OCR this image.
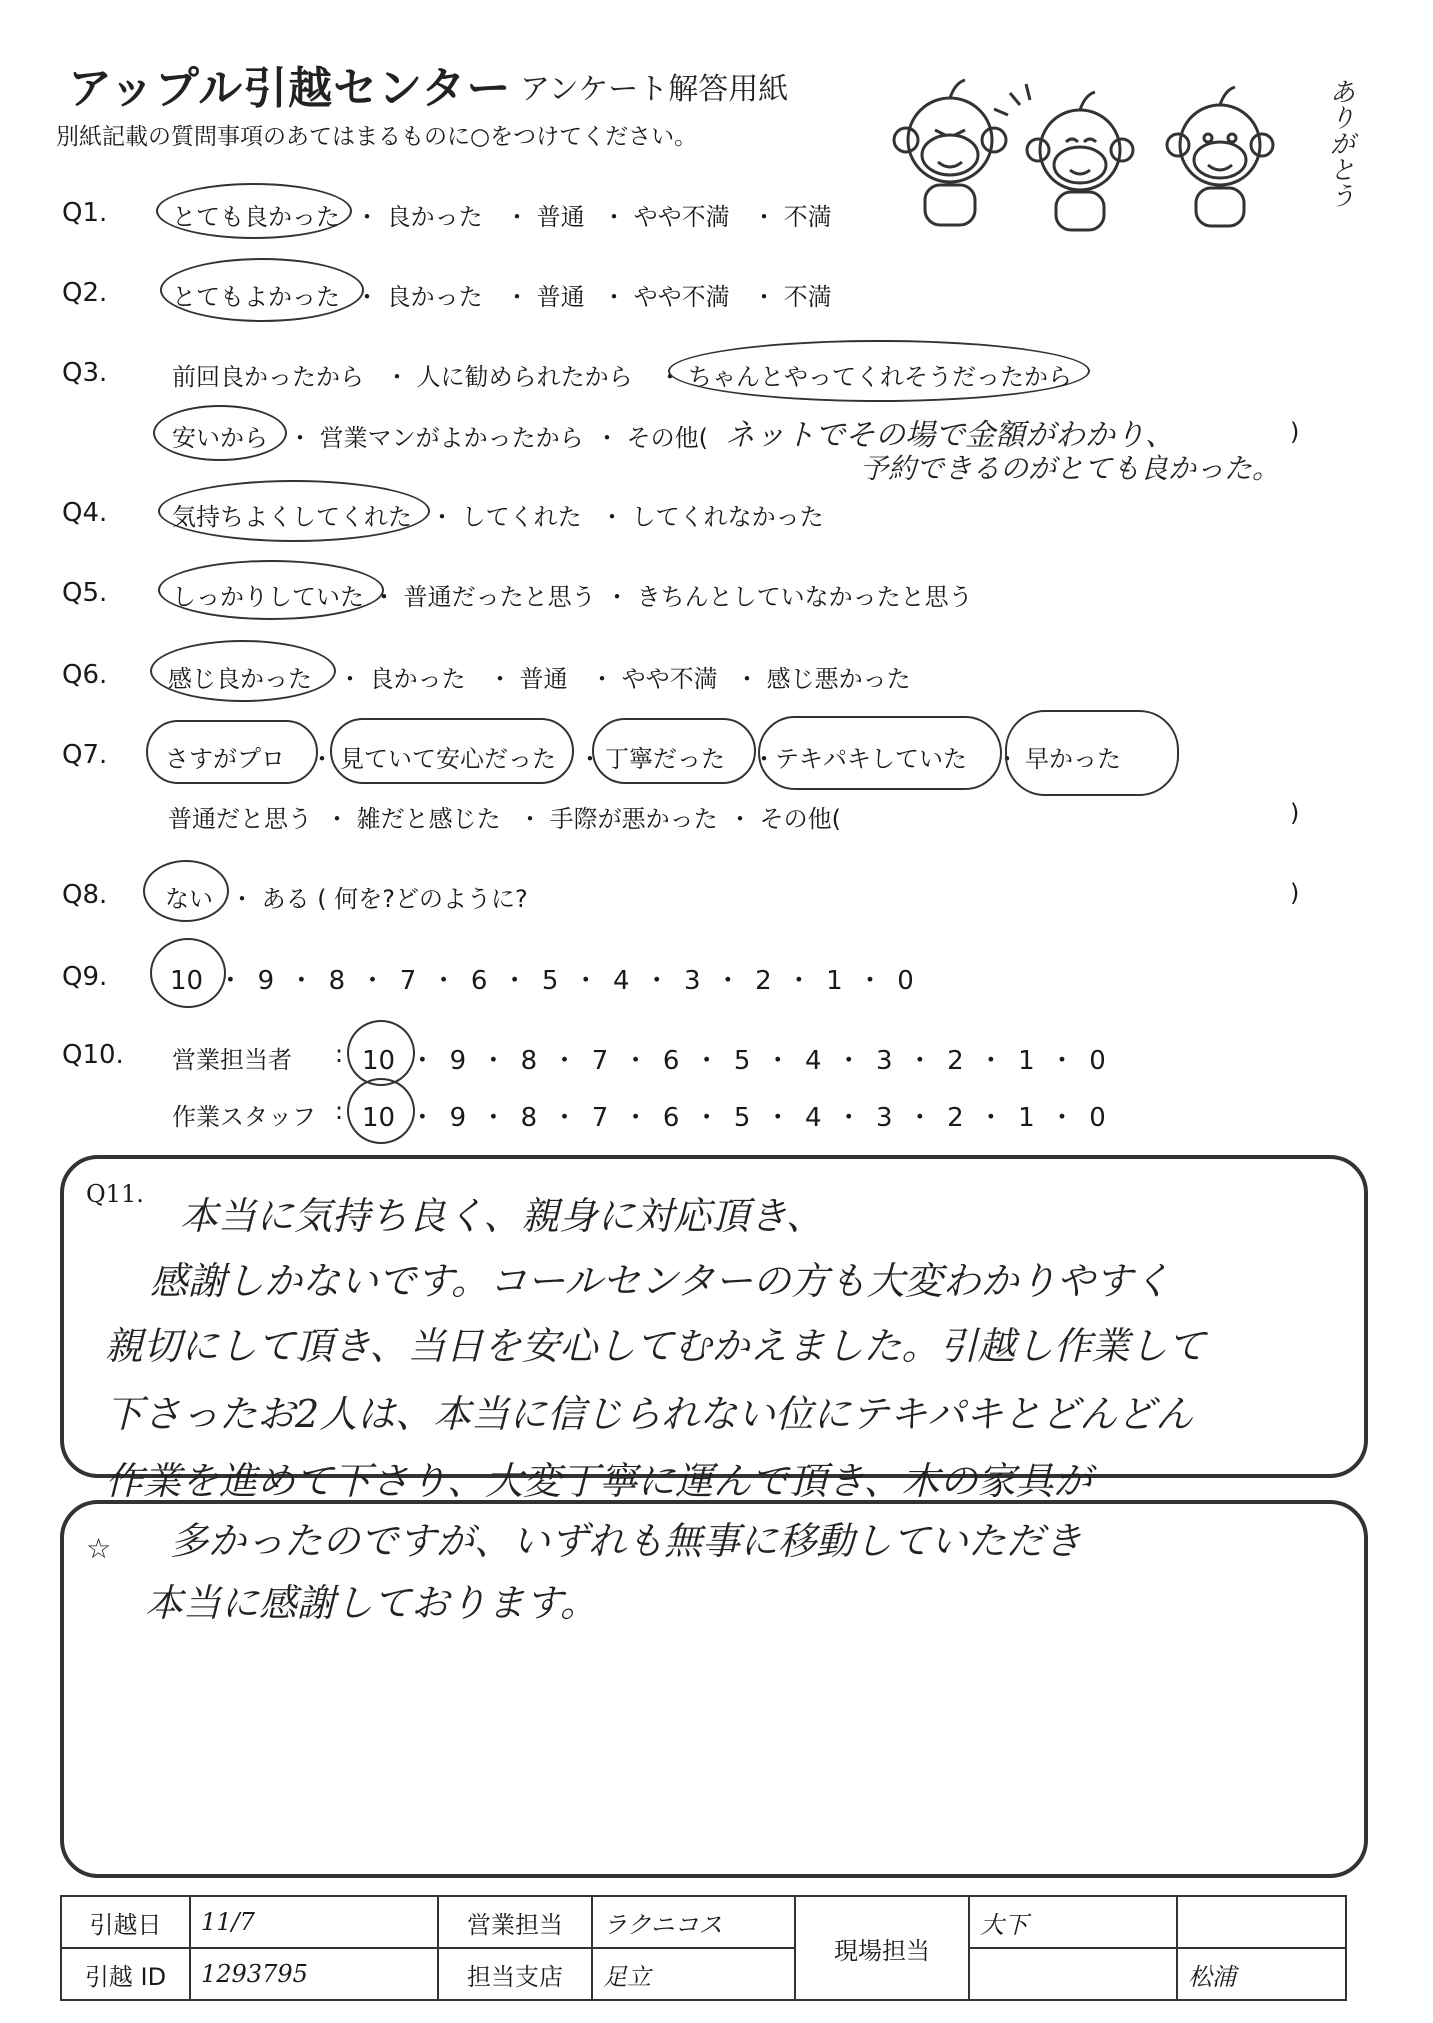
アップル引越センター アンケート解答用紙
別紙記載の質問事項のあてはまるものに○をつけてください。	ありがとう
Q1.	とても良かった ・ 良かった ・ 普通 ・ やや不満 ・ 不満
Q2.	とてもよかった ・ 良かった ・ 普通 ・ やや不満 ・ 不満
Q3.	前回良かったから ・ 人に勧められたから ・ ちゃんとやってくれそうだったから
安いから ・ 営業マンがよかったから ・ その他( ネットでその場で金額がわかり、	)
予約できるのがとても良かった。
Q4.	気持ちよくしてくれた ・ してくれた ・ してくれなかった
Q5.	しっかりしていた ・ 普通だったと思う ・ きちんとしていなかったと思う
Q6.	感じ良かった ・ 良かった ・ 普通 ・ やや不満 ・ 感じ悪かった
Q7. さすがプロ ・ 見ていて安心だった ・ 丁寧だった ・ テキパキしていた ・ 早かった
普通だと思う ・ 雑だと感じた ・ 手際が悪かった ・ その他(	)
Q8. ない ・ ある ( 何を?どのように?	)
Q9. 10 ・ 9 ・ 8 ・ 7 ・ 6 ・ 5 ・ 4 ・ 3 ・ 2 ・ 1 ・ 0
Q10. 営業担当者 : 10 ・ 9 ・ 8 ・ 7 ・ 6 ・ 5 ・ 4 ・ 3 ・ 2 ・ 1 ・ 0
作業スタッフ : 10 ・ 9 ・ 8 ・ 7 ・ 6 ・ 5 ・ 4 ・ 3 ・ 2 ・ 1 ・ 0
Q11. 本当に気持ち良く、親身に対応頂き、
感謝しかないです。コールセンターの方も大変わかりやすく
親切にして頂き、当日を安心してむかえました。引越し作業して
下さったお2人は、本当に信じられない位にテキパキとどんどん
作業を進めて下さり、大変丁寧に運んで頂き、木の家具が
☆ 多かったのですが、いずれも無事に移動していただき
本当に感謝しております。
引越日	11/7	営業担当	ラクニコス	現場担当	大下	
引越 ID	1293795	担当支店	足立			松浦
